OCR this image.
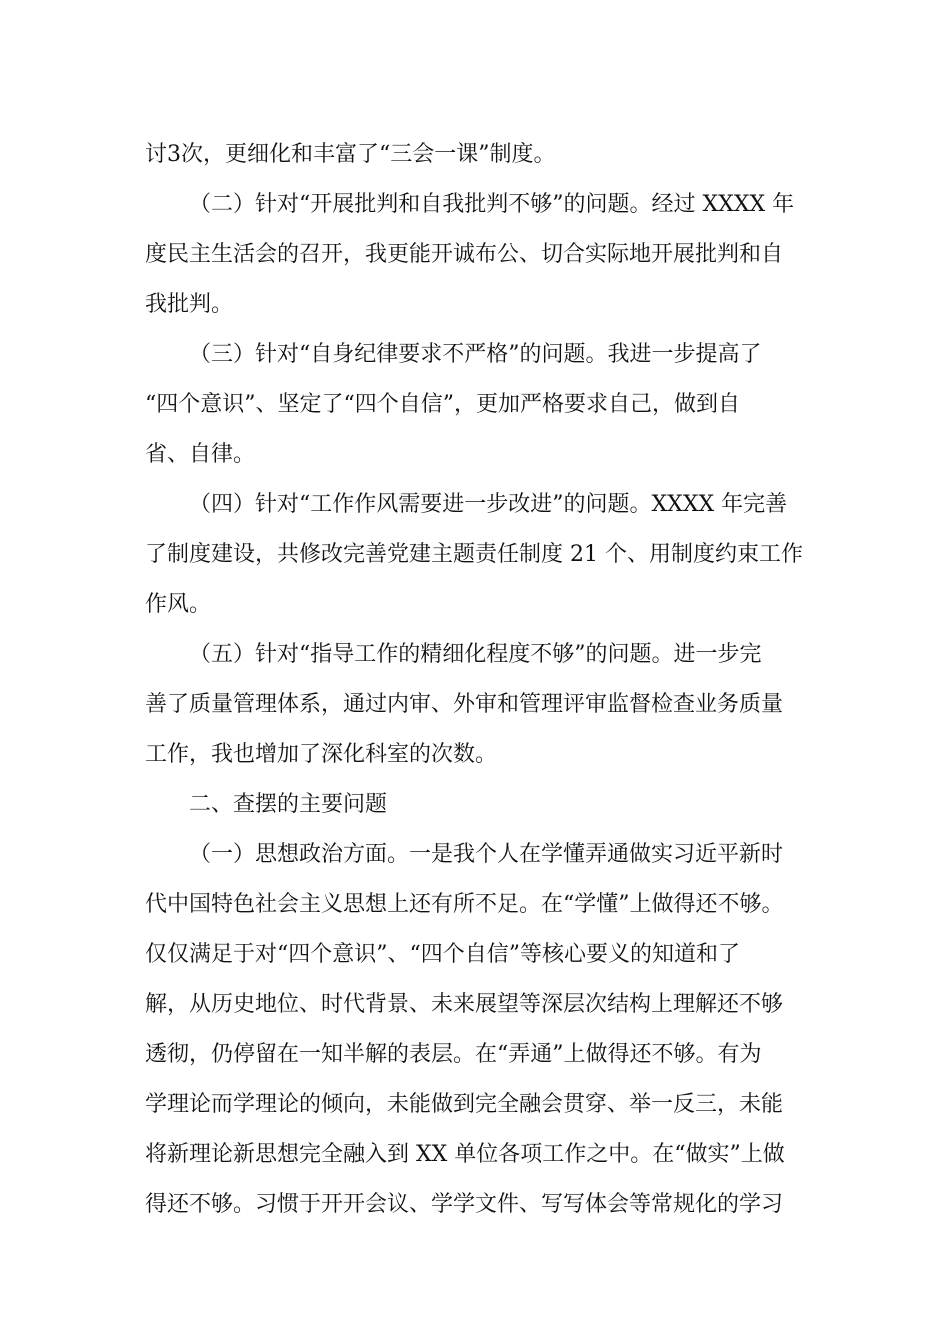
讨3次，更细化和丰富了“三会一课”制度。
（二）针对“开展批判和自我批判不够”的问题。经过 XXXX 年
度民主生活会的召开，我更能开诚布公、切合实际地开展批判和自
我批判。
（三）针对“自身纪律要求不严格”的问题。我进一步提高了
“四个意识”、坚定了“四个自信”，更加严格要求自己，做到自
省、自律。
（四）针对“工作作风需要进一步改进”的问题。XXXX 年完善
了制度建设，共修改完善党建主题责任制度 21 个、用制度约束工作
作风。
（五）针对“指导工作的精细化程度不够”的问题。进一步完
善了质量管理体系，通过内审、外审和管理评审监督检查业务质量
工作，我也增加了深化科室的次数。
二、查摆的主要问题
（一）思想政治方面。一是我个人在学懂弄通做实习近平新时
代中国特色社会主义思想上还有所不足。在“学懂”上做得还不够。
仅仅满足于对“四个意识”、“四个自信”等核心要义的知道和了
解，从历史地位、时代背景、未来展望等深层次结构上理解还不够
透彻，仍停留在一知半解的表层。在“弄通”上做得还不够。有为
学理论而学理论的倾向，未能做到完全融会贯穿、举一反三，未能
将新理论新思想完全融入到 XX 单位各项工作之中。在“做实”上做
得还不够。习惯于开开会议、学学文件、写写体会等常规化的学习
